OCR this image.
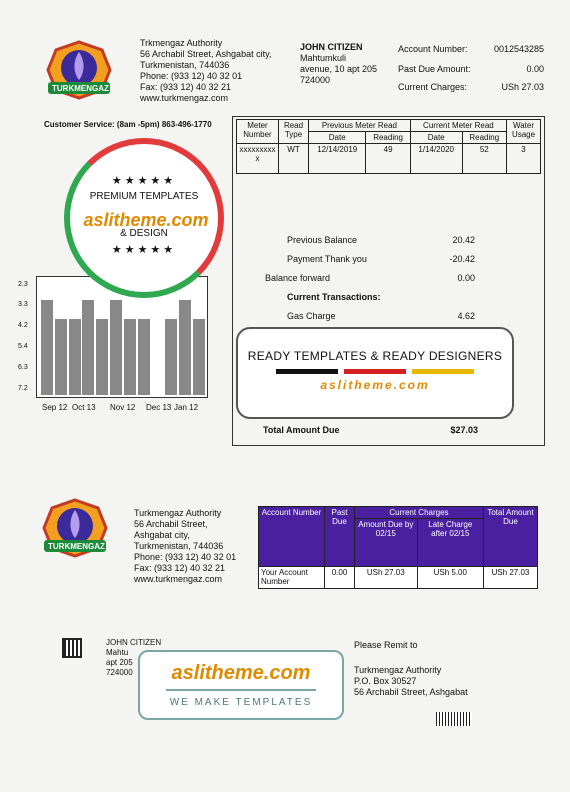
TURKMENGAZ
Trkmengaz Authority
56 Archabil Street, Ashgabat city,
Turkmenistan, 744036
Phone: (933 12) 40 32 01
Fax: (933 12) 40 32 21
www.turkmengaz.com
JOHN CITIZEN
Mahtumkuli
avenue, 10 apt 205
724000
Account Number:	0012543285
Past Due Amount:	0.00
Current Charges:	USh 27.03
Customer Service: (8am -5pm) 863-496-1770	Meter Number	Read Type	Previous Meter Read		Current Meter Read		Water Usage
		Date	Reading	Date	Reading	
xxxxxxxxx x	WT	12/14/2019	49	1/14/2020	52	3
Previous Balance	20.42
Payment Thank you	-20.42
Balance forward	0.00
Current Transactions:
Gas Charge	4.62
READY TEMPLATES & READY DESIGNERS
aslitheme.com
Total Amount Due	$27.03
2.3
3.3
4.2
5.4
6.3
7.2
Sep 12 Oct 13 Nov 12 Dec 13 Jan 12
★★★★★
PREMIUM TEMPLATES
aslitheme.com
& DESIGN
★★★★★
TURKMENGAZ
Turkmengaz Authority
56 Archabil Street,
Ashgabat city,
Turkmenistan, 744036
Phone: (933 12) 40 32 01
Fax: (933 12) 40 32 21
www.turkmengaz.com
Account Number	Past Due	Current Charges		Total Amount Due
		Amount Due by 02/15	Late Charge after 02/15	
Your Account Number	0.00	USh 27.03	USh 5.00	USh 27.03
JOHN CITIZEN
Mahtu
apt 205
724000	aslitheme.com
WE MAKE TEMPLATES
Please Remit to
Turkmengaz Authority
P.O. Box 30527
56 Archabil Street, Ashgabat
